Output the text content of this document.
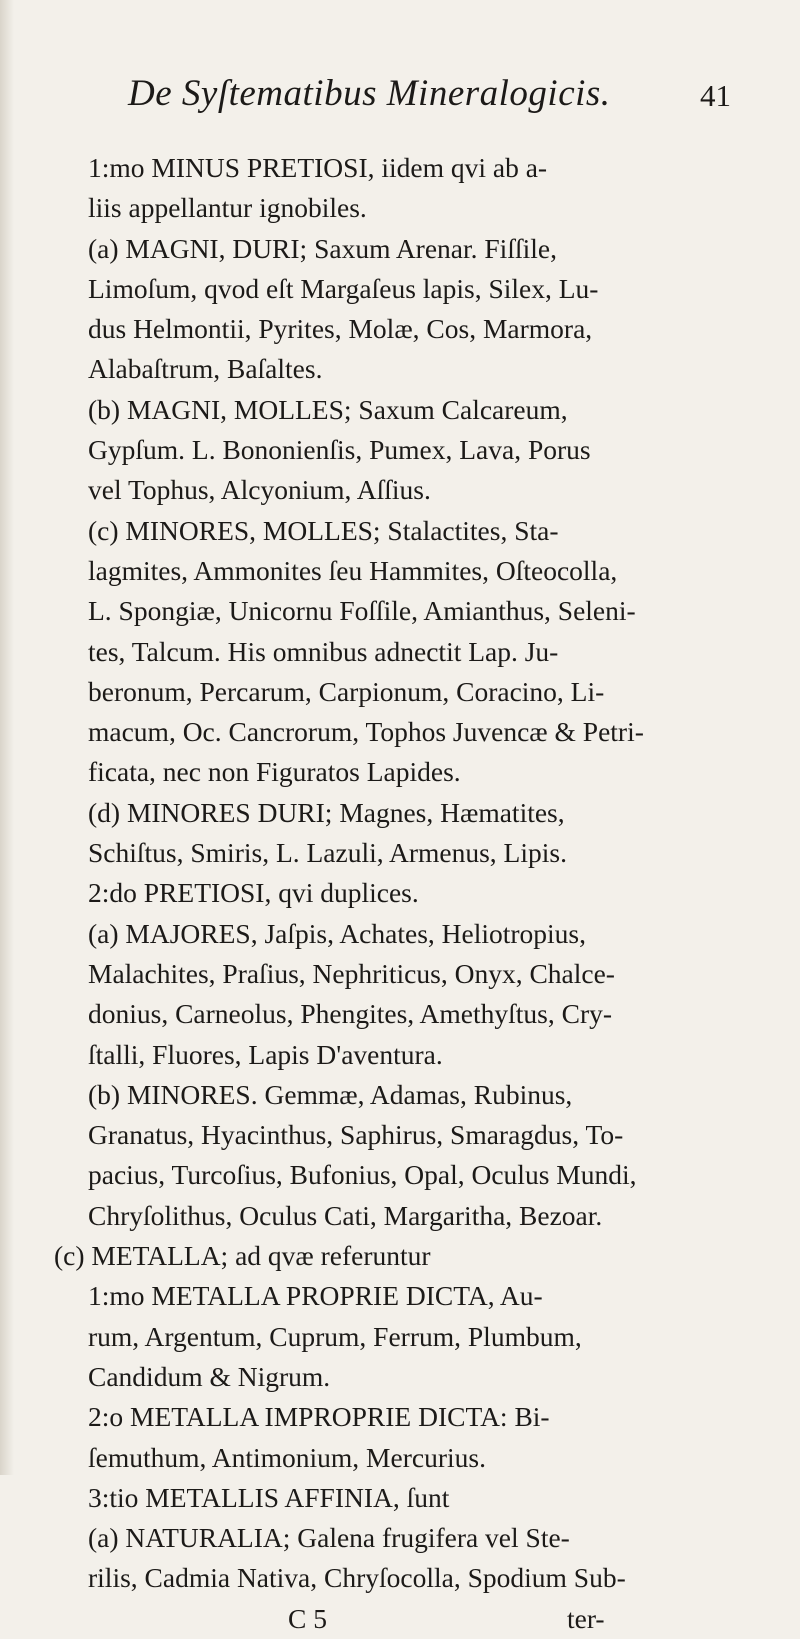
De Syſtematibus Mineralogicis.	41
1:mo MINUS PRETIOSI, iidem qvi ab a-
liis appellantur ignobiles.
(a) MAGNI, DURI; Saxum Arenar. Fiſſile,
Limoſum, qvod eſt Margaſeus lapis, Silex, Lu-
dus Helmontii, Pyrites, Molæ, Cos, Marmora,
Alabaſtrum, Baſaltes.
(b) MAGNI, MOLLES; Saxum Calcareum,
Gypſum. L. Bononienſis, Pumex, Lava, Porus
vel Tophus, Alcyonium, Aſſius.
(c) MINORES, MOLLES; Stalactites, Sta-
lagmites, Ammonites ſeu Hammites, Oſteocolla,
L. Spongiæ, Unicornu Foſſile, Amianthus, Seleni-
tes, Talcum. His omnibus adnectit Lap. Ju-
beronum, Percarum, Carpionum, Coracino, Li-
macum, Oc. Cancrorum, Tophos Juvencæ & Petri-
ficata, nec non Figuratos Lapides.
(d) MINORES DURI; Magnes, Hæmatites,
Schiſtus, Smiris, L. Lazuli, Armenus, Lipis.
2:do PRETIOSI, qvi duplices.
(a) MAJORES, Jaſpis, Achates, Heliotropius,
Malachites, Praſius, Nephriticus, Onyx, Chalce-
donius, Carneolus, Phengites, Amethyſtus, Cry-
ſtalli, Fluores, Lapis D'aventura.
(b) MINORES. Gemmæ, Adamas, Rubinus,
Granatus, Hyacinthus, Saphirus, Smaragdus, To-
pacius, Turcoſius, Bufonius, Opal, Oculus Mundi,
Chryſolithus, Oculus Cati, Margaritha, Bezoar.
(c) METALLA; ad qvæ referuntur
1:mo METALLA PROPRIE DICTA, Au-
rum, Argentum, Cuprum, Ferrum, Plumbum,
Candidum & Nigrum.
2:o METALLA IMPROPRIE DICTA: Bi-
ſemuthum, Antimonium, Mercurius.
3:tio METALLIS AFFINIA, ſunt
(a) NATURALIA; Galena frugifera vel Ste-
rilis, Cadmia Nativa, Chryſocolla, Spodium Sub-
C 5	ter-
